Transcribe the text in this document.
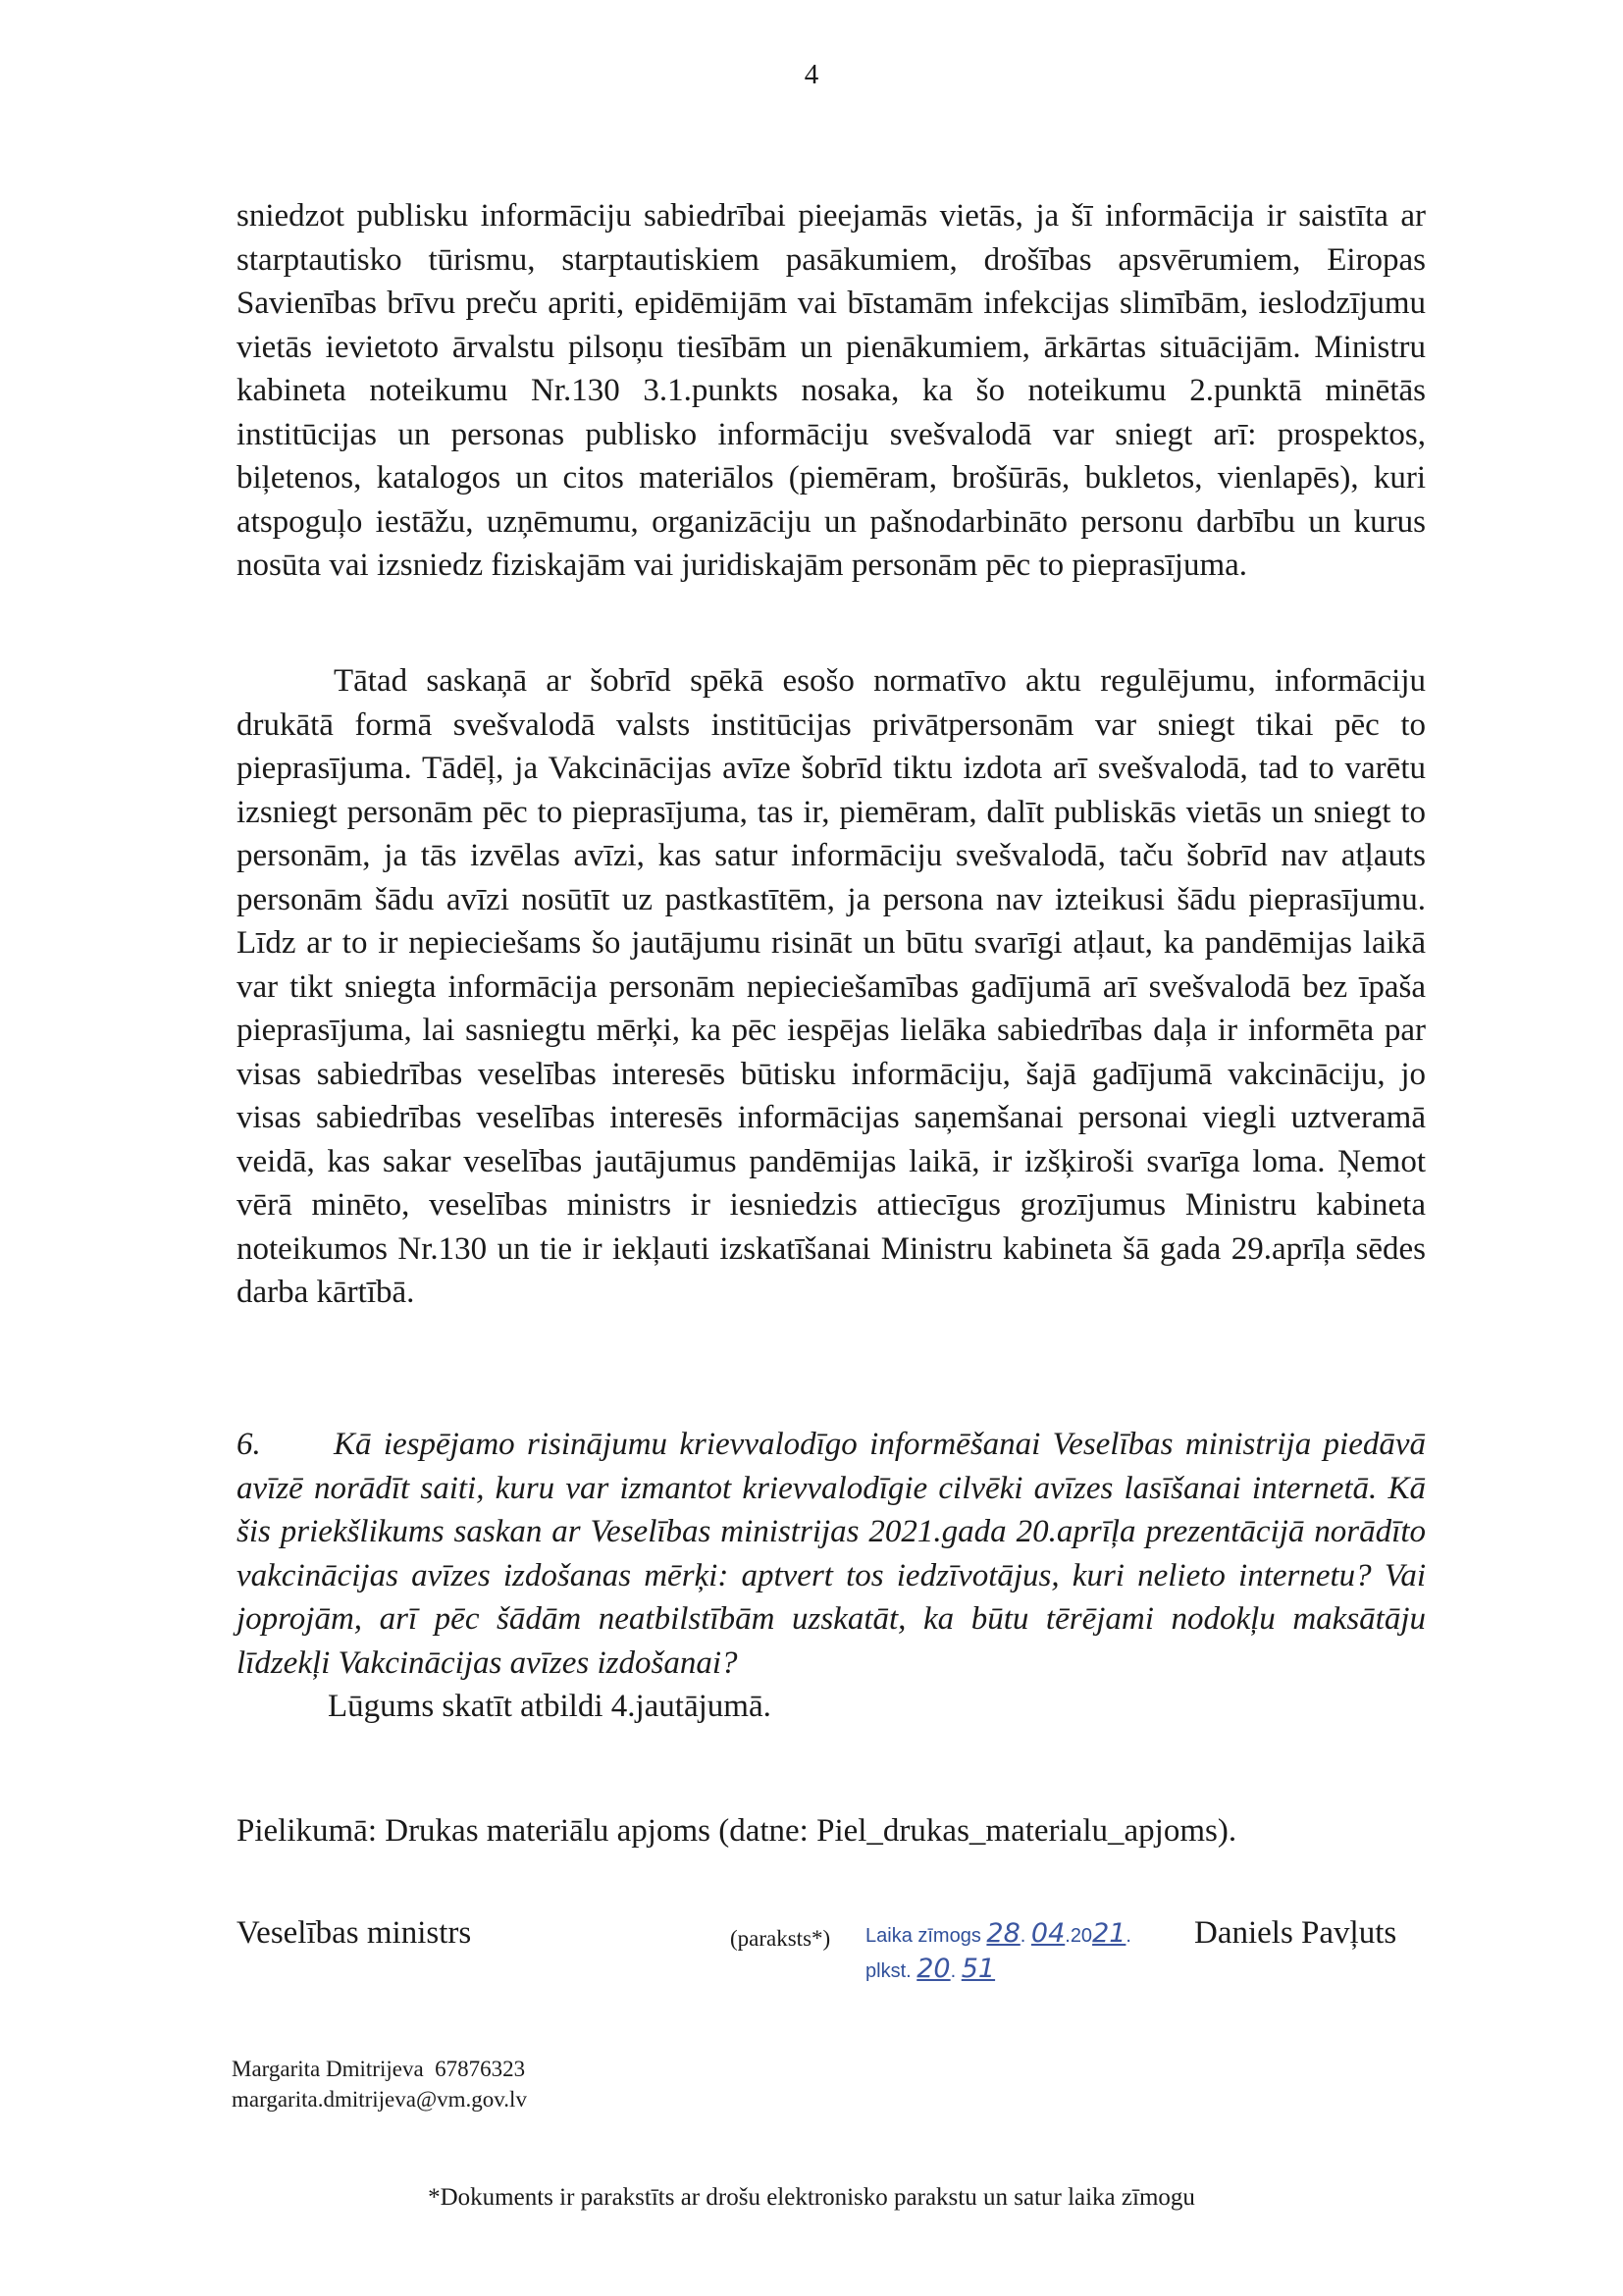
4

sniedzot publisku informāciju sabiedrībai pieejamās vietās, ja šī informācija ir saistīta ar starptautisko tūrismu, starptautiskiem pasākumiem, drošības apsvērumiem, Eiropas Savienības brīvu preču apriti, epidēmijām vai bīstamām infekcijas slimībām, ieslodzījumu vietās ievietoto ārvalstu pilsoņu tiesībām un pienākumiem, ārkārtas situācijām. Ministru kabineta noteikumu Nr.130 3.1.punkts nosaka, ka šo noteikumu 2.punktā minētās institūcijas un personas publisko informāciju svešvalodā var sniegt arī: prospektos, biļetenos, katalogos un citos materiālos (piemēram, brošūrās, bukletos, vienlapēs), kuri atspoguļo iestāžu, uzņēmumu, organizāciju un pašnodarbināto personu darbību un kurus nosūta vai izsniedz fiziskajām vai juridiskajām personām pēc to pieprasījuma.

Tātad saskaņā ar šobrīd spēkā esošo normatīvo aktu regulējumu, informāciju drukātā formā svešvalodā valsts institūcijas privātpersonām var sniegt tikai pēc to pieprasījuma. Tādēļ, ja Vakcinācijas avīze šobrīd tiktu izdota arī svešvalodā, tad to varētu izsniegt personām pēc to pieprasījuma, tas ir, piemēram, dalīt publiskās vietās un sniegt to personām, ja tās izvēlas avīzi, kas satur informāciju svešvalodā, taču šobrīd nav atļauts personām šādu avīzi nosūtīt uz pastkastītēm, ja persona nav izteikusi šādu pieprasījumu. Līdz ar to ir nepieciešams šo jautājumu risināt un būtu svarīgi atļaut, ka pandēmijas laikā var tikt sniegta informācija personām nepieciešamības gadījumā arī svešvalodā bez īpaša pieprasījuma, lai sasniegtu mērķi, ka pēc iespējas lielāka sabiedrības daļa ir informēta par visas sabiedrības veselības interesēs būtisku informāciju, šajā gadījumā vakcināciju, jo visas sabiedrības veselības interesēs informācijas saņemšanai personai viegli uztveramā veidā, kas sakar veselības jautājumus pandēmijas laikā, ir izšķiroši svarīga loma. Ņemot vērā minēto, veselības ministrs ir iesniedzis attiecīgus grozījumus Ministru kabineta noteikumos Nr.130 un tie ir iekļauti izskatīšanai Ministru kabineta šā gada 29.aprīļa sēdes darba kārtībā.

6. Kā iespējamo risinājumu krievvalodīgo informēšanai Veselības ministrija piedāvā avīzē norādīt saiti, kuru var izmantot krievvalodīgie cilvēki avīzes lasīšanai internetā. Kā šis priekšlikums saskan ar Veselības ministrijas 2021.gada 20.aprīļa prezentācijā norādīto vakcinācijas avīzes izdošanas mērķi: aptvert tos iedzīvotājus, kuri nelieto internetu? Vai joprojām, arī pēc šādām neatbilstībām uzskatāt, ka būtu tērējami nodokļu maksātāju līdzekļi Vakcinācijas avīzes izdošanai?

Lūgums skatīt atbildi 4.jautājumā.

Pielikumā: Drukas materiālu apjoms (datne: Piel_drukas_materialu_apjoms).

Veselības ministrs	(paraksts*) Laika zīmogs 28. 04.2021.
plkst. 20. 51

Daniels Pavļuts

Margarita Dmitrijeva  67876323
margarita.dmitrijeva@vm.gov.lv

*Dokuments ir parakstīts ar drošu elektronisko parakstu un satur laika zīmogu
